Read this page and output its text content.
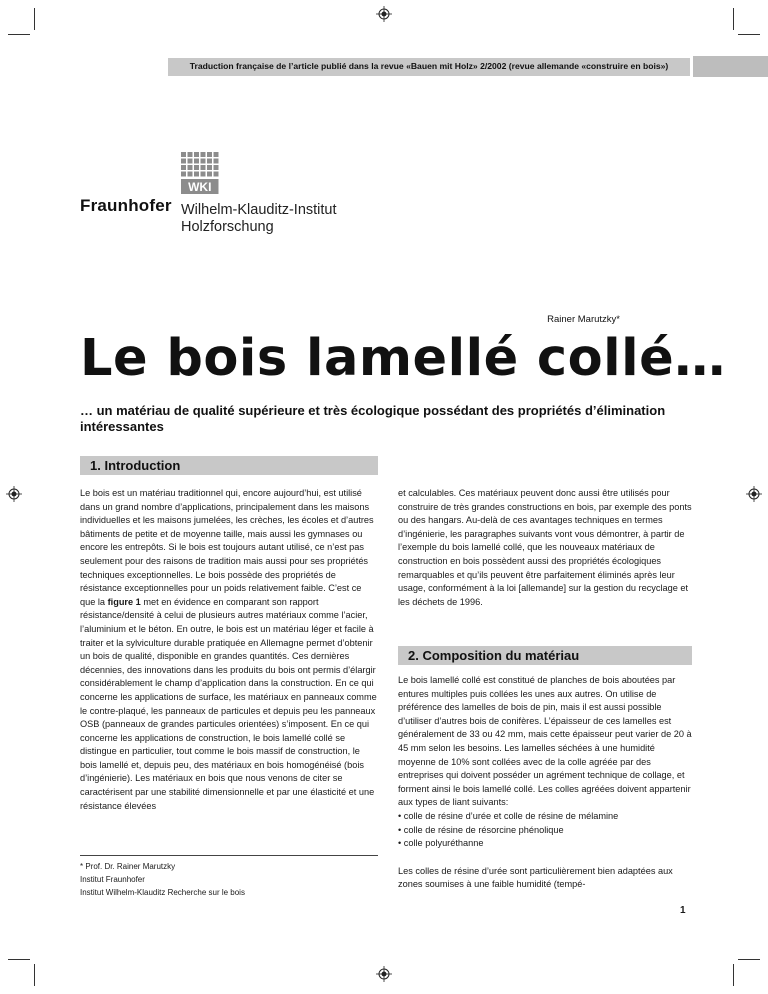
Traduction française de l’article publié dans la revue «Bauen mit Holz» 2/2002 (revue allemande «construire en bois»)
WKI
Fraunhofer Wilhelm-Klauditz-Institut
Holzforschung
Rainer Marutzky*
Le bois lamellé collé…
… un matériau de qualité supérieure et très écologique possédant des propriétés d’élimination intéressantes
1. Introduction

Le bois est un matériau traditionnel qui, encore aujourd’hui, est utilisé dans un grand nombre d’applications, principalement dans les maisons individuelles et les maisons jumelées, les crèches, les écoles et d’autres bâtiments de petite et de moyenne taille, mais aussi les gymnases ou encore les entrepôts. Si le bois est toujours autant utilisé, ce n’est pas seulement pour des raisons de tradition mais aussi pour ses propriétés techniques exceptionnelles. Le bois possède des propriétés de résistance exceptionnelles pour un poids relativement faible. C’est ce que la figure 1 met en évidence en comparant son rapport résistance/densité à celui de plusieurs autres matériaux comme l’acier, l’aluminium et le béton. En outre, le bois est un matériau léger et facile à traiter et la sylviculture durable pratiquée en Allemagne permet d’obtenir un bois de qualité, disponible en grandes quantités. Ces dernières décennies, des innovations dans les produits du bois ont permis d’élargir considérablement le champ d’application dans la construction. En ce qui concerne les applications de surface, les matériaux en panneaux comme le contre-plaqué, les panneaux de particules et depuis peu les panneaux OSB (panneaux de grandes particules orientées) s’imposent. En ce qui concerne les applications de construction, le bois lamellé collé se distingue en particulier, tout comme le bois massif de construction, le bois lamellé et, depuis peu, des matériaux en bois homogénéisé (bois d’ingénierie). Les matériaux en bois que nous venons de citer se caractérisent par une stabilité dimensionnelle et par une élasticité et une résistance élevées

et calculables. Ces matériaux peuvent donc aussi être utilisés pour construire de très grandes constructions en bois, par exemple des ponts ou des hangars. Au-delà de ces avantages techniques en termes d’ingénierie, les paragraphes suivants vont vous démontrer, à partir de l’exemple du bois lamellé collé, que les nouveaux matériaux de construction en bois possèdent aussi des propriétés écologiques remarquables et qu’ils peuvent être parfaitement éliminés après leur usage, conformément à la loi [allemande] sur la gestion du recyclage et les déchets de 1996.

2. Composition du matériau
Le bois lamellé collé est constitué de planches de bois aboutées par entures multiples puis collées les unes aux autres. On utilise de préférence des lamelles de bois de pin, mais il est aussi possible d’utiliser d’autres bois de conifères. L’épaisseur de ces lamelles est généralement de 33 ou 42 mm, mais cette épaisseur peut varier de 20 à 45 mm selon les besoins. Les lamelles séchées à une humidité moyenne de 10% sont collées avec de la colle agréée par des entreprises qui doivent posséder un agrément technique de collage, et forment ainsi le bois lamellé collé. Les colles agréées doivent appartenir aux types de liant suivants:
• colle de résine d’urée et colle de résine de mélamine
• colle de résine de résorcine phénolique
• colle polyuréthanne
Les colles de résine d’urée sont particulièrement bien adaptées aux zones soumises à une faible humidité (tempé-
* Prof. Dr. Rainer Marutzky
Institut Fraunhofer
Institut Wilhelm-Klauditz Recherche sur le bois
1
